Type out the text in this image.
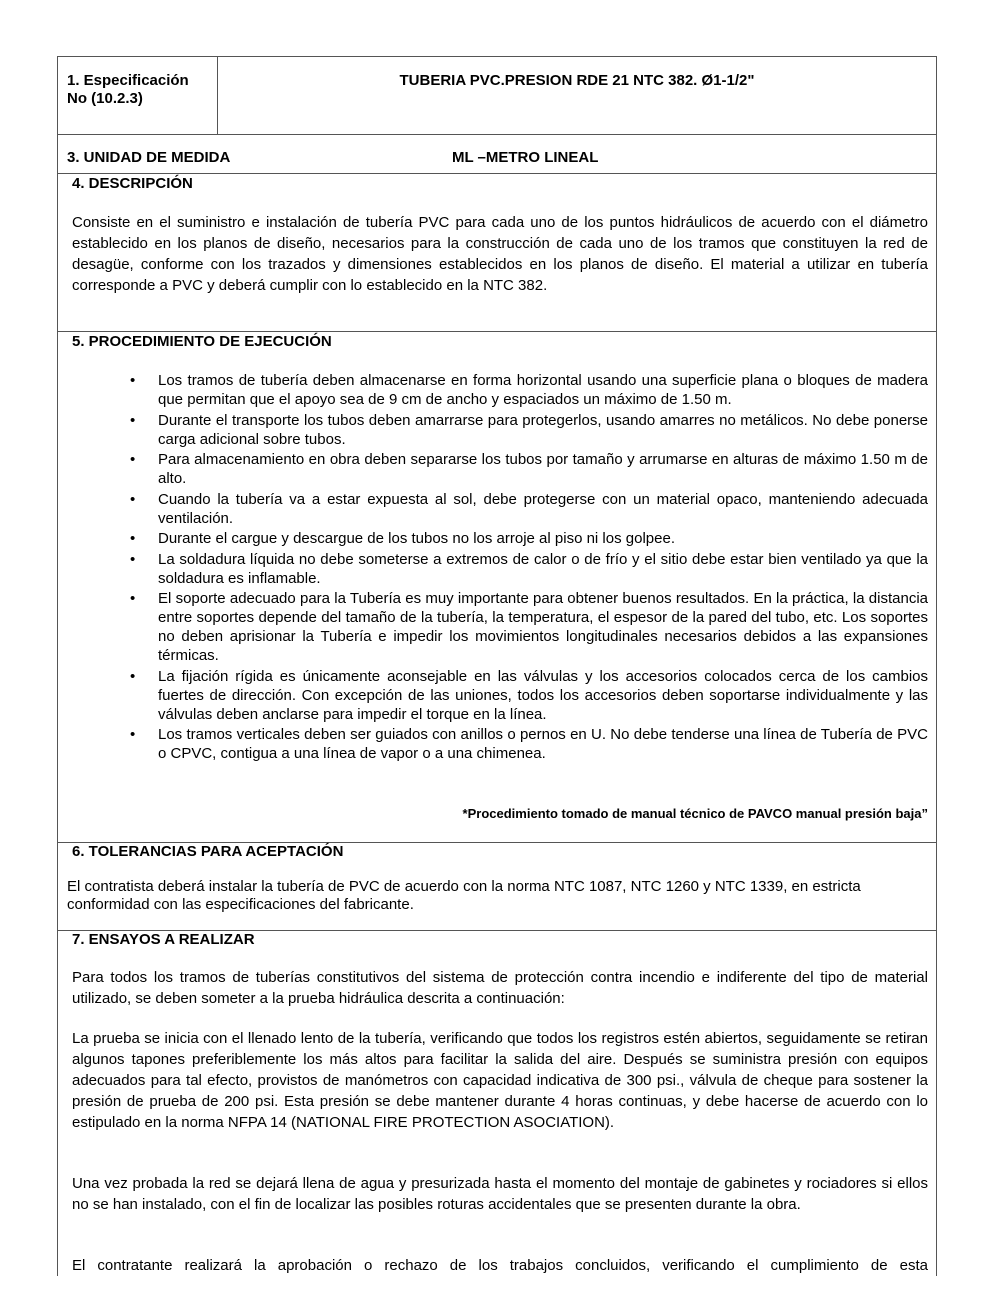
1. Especificación
No (10.2.3)
TUBERIA PVC.PRESION RDE 21 NTC 382. Ø1-1/2"
3. UNIDAD DE MEDIDA	ML –METRO LINEAL
4. DESCRIPCIÓN
Consiste en el suministro e instalación de tubería PVC para cada uno de los puntos hidráulicos de acuerdo con el diámetro establecido en los planos de diseño, necesarios para la construcción de cada uno de los tramos que constituyen la red de desagüe, conforme con los trazados y dimensiones establecidos en los planos de diseño. El material a utilizar en tubería corresponde a PVC y deberá cumplir con lo establecido en la NTC 382.
5. PROCEDIMIENTO DE EJECUCIÓN
• Los tramos de tubería deben almacenarse en forma horizontal usando una superficie plana o bloques de madera que permitan que el apoyo sea de 9 cm de ancho y espaciados un máximo de 1.50 m.
• Durante el transporte los tubos deben amarrarse para protegerlos, usando amarres no metálicos. No debe ponerse carga adicional sobre tubos.
• Para almacenamiento en obra deben separarse los tubos por tamaño y arrumarse en alturas de máximo 1.50 m de alto.
• Cuando la tubería va a estar expuesta al sol, debe protegerse con un material opaco, manteniendo adecuada ventilación.
• Durante el cargue y descargue de los tubos no los arroje al piso ni los golpee.
• La soldadura líquida no debe someterse a extremos de calor o de frío y el sitio debe estar bien ventilado ya que la soldadura es inflamable.
• El soporte adecuado para la Tubería es muy importante para obtener buenos resultados. En la práctica, la distancia entre soportes depende del tamaño de la tubería, la temperatura, el espesor de la pared del tubo, etc. Los soportes no deben aprisionar la Tubería e impedir los movimientos longitudinales necesarios debidos a las expansiones térmicas.
• La fijación rígida es únicamente aconsejable en las válvulas y los accesorios colocados cerca de los cambios fuertes de dirección. Con excepción de las uniones, todos los accesorios deben soportarse individualmente y las válvulas deben anclarse para impedir el torque en la línea.
• Los tramos verticales deben ser guiados con anillos o pernos en U. No debe tenderse una línea de Tubería de PVC o CPVC, contigua a una línea de vapor o a una chimenea.
*Procedimiento tomado de manual técnico de PAVCO manual presión baja”
6. TOLERANCIAS PARA ACEPTACIÓN
El contratista deberá instalar la tubería de PVC de acuerdo con la norma NTC 1087, NTC 1260 y NTC 1339, en estricta conformidad con las especificaciones del fabricante.
7. ENSAYOS A REALIZAR
Para todos los tramos de tuberías constitutivos del sistema de protección contra incendio e indiferente del tipo de material utilizado, se deben someter a la prueba hidráulica descrita a continuación:
La prueba se inicia con el llenado lento de la tubería, verificando que todos los registros estén abiertos, seguidamente se retiran algunos tapones preferiblemente los más altos para facilitar la salida del aire. Después se suministra presión con equipos adecuados para tal efecto, provistos de manómetros con capacidad indicativa de 300 psi., válvula de cheque para sostener la presión de prueba de 200 psi. Esta presión se debe mantener durante 4 horas continuas, y debe hacerse de acuerdo con lo estipulado en la norma NFPA 14 (NATIONAL FIRE PROTECTION ASOCIATION).
Una vez probada la red se dejará llena de agua y presurizada hasta el momento del montaje de gabinetes y rociadores si ellos no se han instalado, con el fin de localizar las posibles roturas accidentales que se presenten durante la obra.
El contratante realizará la aprobación o rechazo de los trabajos concluidos, verificando el cumplimiento de esta
